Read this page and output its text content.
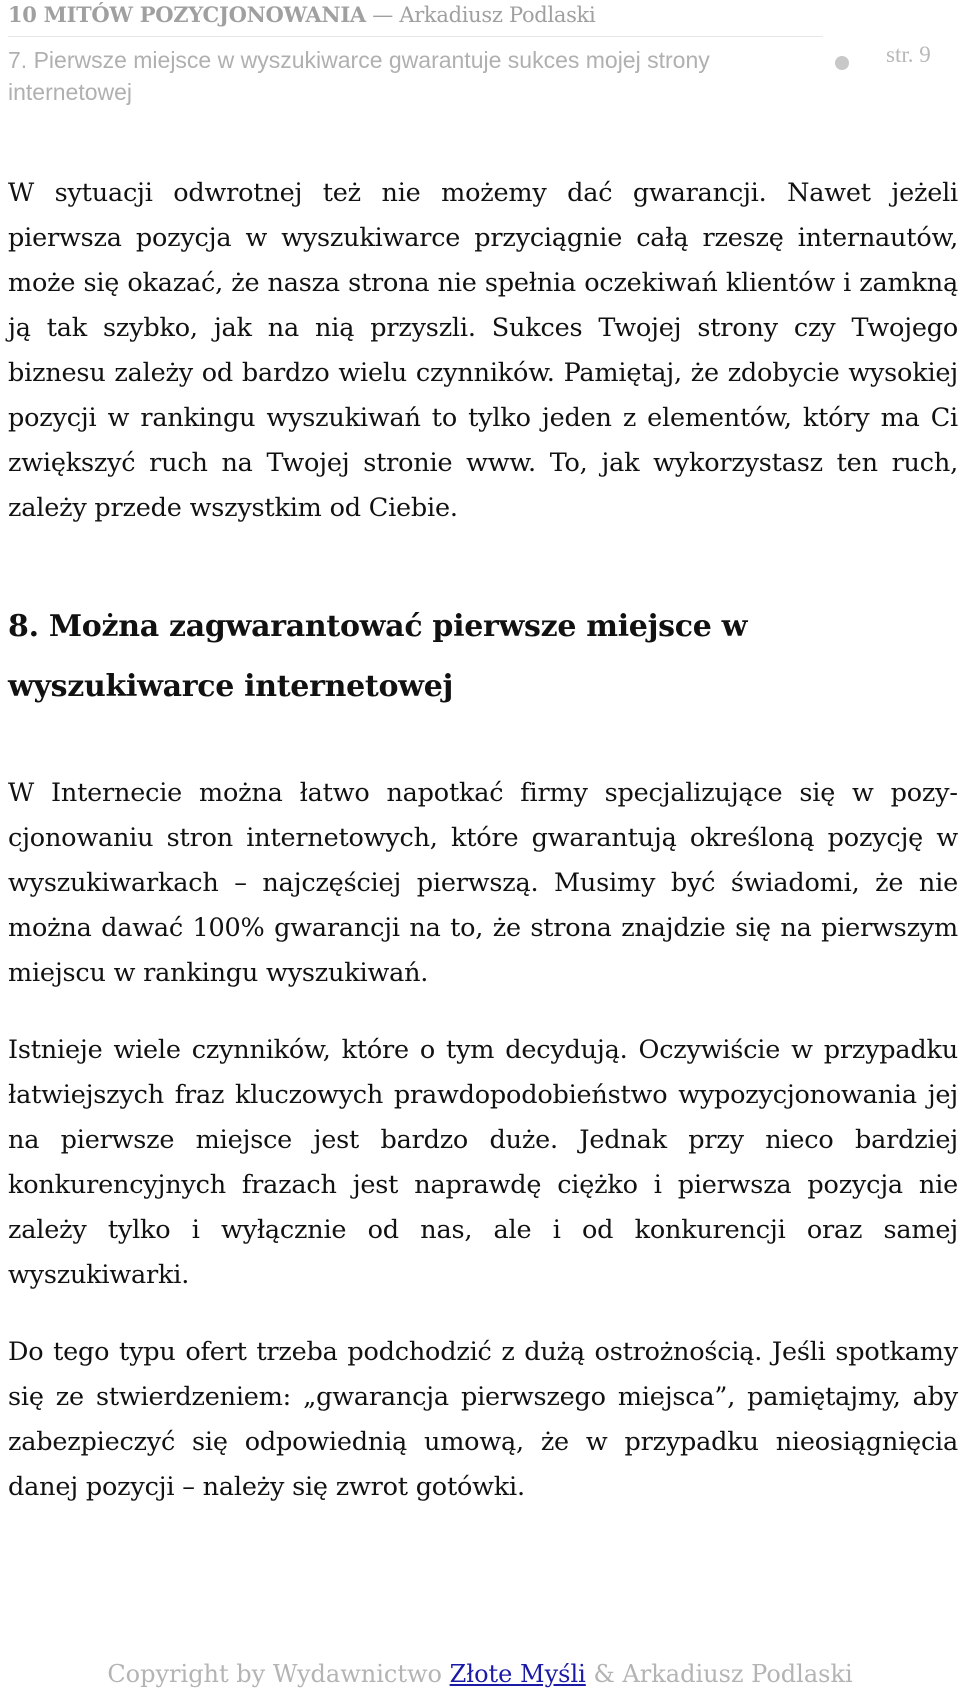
10 MITÓW POZYCJONOWANIA — Arkadiusz Podlaski
7. Pierwsze miejsce w wyszukiwarce gwarantuje sukces mojej strony internetowej
str. 9

W sytuacji odwrotnej też nie możemy dać gwarancji. Nawet jeżeli pierwsza pozycja w wyszukiwarce przyciągnie całą rzeszę internautów, może się okazać, że nasza strona nie spełnia oczekiwań klientów i zamkną ją tak szybko, jak na nią przyszli. Sukces Twojej strony czy Twojego biznesu zależy od bardzo wielu czynników. Pamiętaj, że zdobycie wysokiej pozycji w rankingu wyszukiwań to tylko jeden z elementów, który ma Ci zwiększyć ruch na Twojej stronie www. To, jak wykorzystasz ten ruch, zależy przede wszystkim od Ciebie.

8. Można zagwarantować pierwsze miejsce w wyszukiwarce internetowej

W Internecie można łatwo napotkać firmy specjalizujące się w pozycjonowaniu stron internetowych, które gwarantują określoną pozycję w wyszukiwarkach – najczęściej pierwszą. Musimy być świadomi, że nie można dawać 100% gwarancji na to, że strona znajdzie się na pierwszym miejscu w rankingu wyszukiwań.

Istnieje wiele czynników, które o tym decydują. Oczywiście w przypadku łatwiejszych fraz kluczowych prawdopodobieństwo wypozycjonowania jej na pierwsze miejsce jest bardzo duże. Jednak przy nieco bardziej konkurencyjnych frazach jest naprawdę ciężko i pierwsza pozycja nie zależy tylko i wyłącznie od nas, ale i od konkurencji oraz samej wyszukiwarki.

Do tego typu ofert trzeba podchodzić z dużą ostrożnością. Jeśli spotkamy się ze stwierdzeniem: „gwarancja pierwszego miejsca”, pamiętajmy, aby zabezpieczyć się odpowiednią umową, że w przypadku nieosiągnięcia danej pozycji – należy się zwrot gotówki.

Copyright by Wydawnictwo Złote Myśli & Arkadiusz Podlaski
